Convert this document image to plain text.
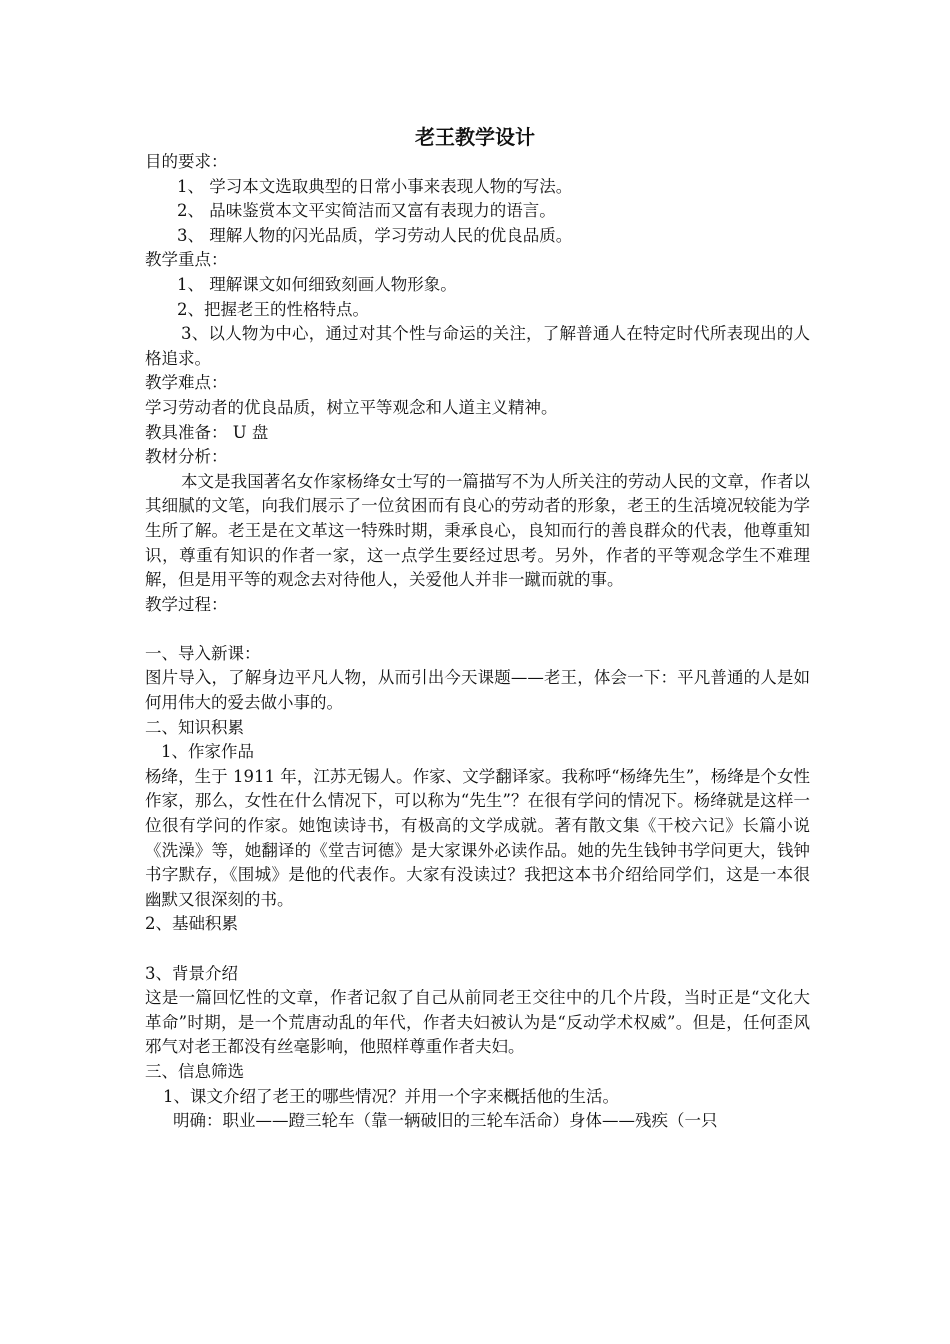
老王教学设计

目的要求：

1、 学习本文选取典型的日常小事来表现人物的写法。

2、 品味鉴赏本文平实简洁而又富有表现力的语言。

3、 理解人物的闪光品质，学习劳动人民的优良品质。

教学重点：

1、 理解课文如何细致刻画人物形象。

2、把握老王的性格特点。

3、以人物为中心，通过对其个性与命运的关注，了解普通人在特定时代所表现出的人格追求。

教学难点：

学习劳动者的优良品质，树立平等观念和人道主义精神。

教具准备： U 盘

教材分析：

本文是我国著名女作家杨绛女士写的一篇描写不为人所关注的劳动人民的文章，作者以其细腻的文笔，向我们展示了一位贫困而有良心的劳动者的形象，老王的生活境况较能为学生所了解。老王是在文革这一特殊时期，秉承良心，良知而行的善良群众的代表，他尊重知识，尊重有知识的作者一家，这一点学生要经过思考。另外，作者的平等观念学生不难理解，但是用平等的观念去对待他人，关爱他人并非一蹴而就的事。

教学过程：

一、导入新课：

图片导入，了解身边平凡人物，从而引出今天课题——老王，体会一下：平凡普通的人是如何用伟大的爱去做小事的。

二、知识积累

1、作家作品

杨绛，生于 1911 年，江苏无锡人。作家、文学翻译家。我称呼“杨绛先生”，杨绛是个女性作家，那么，女性在什么情况下，可以称为“先生”？在很有学问的情况下。杨绛就是这样一位很有学问的作家。她饱读诗书，有极高的文学成就。著有散文集《干校六记》长篇小说《洗澡》等，她翻译的《堂吉诃德》是大家课外必读作品。她的先生钱钟书学问更大，钱钟书字默存，《围城》是他的代表作。大家有没读过？我把这本书介绍给同学们，这是一本很幽默又很深刻的书。

2、基础积累

3、背景介绍

这是一篇回忆性的文章，作者记叙了自己从前同老王交往中的几个片段，当时正是“文化大革命”时期，是一个荒唐动乱的年代，作者夫妇被认为是“反动学术权威”。但是，任何歪风邪气对老王都没有丝毫影响，他照样尊重作者夫妇。

三、信息筛选

1、课文介绍了老王的哪些情况？并用一个字来概括他的生活。

明确：职业——蹬三轮车（靠一辆破旧的三轮车活命）身体——残疾（一只
